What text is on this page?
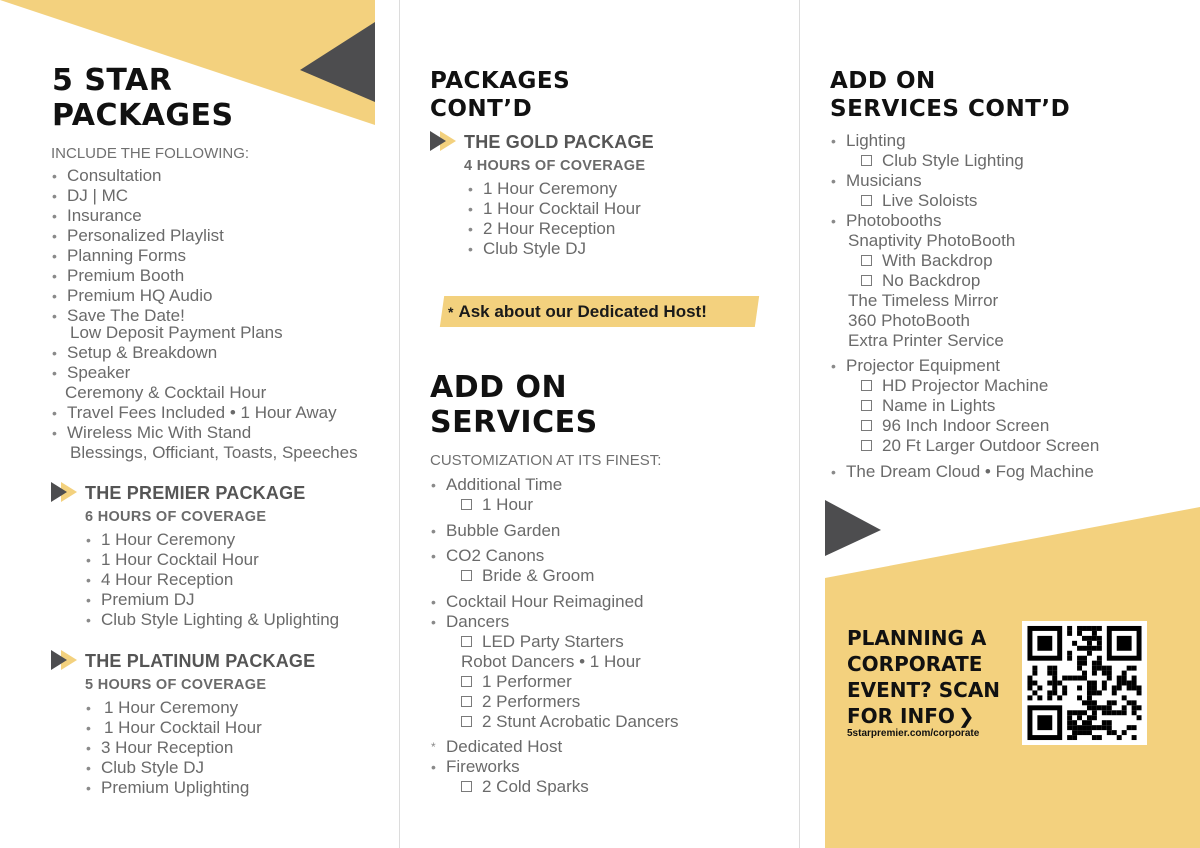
5 STAR
PACKAGES
INCLUDE THE FOLLOWING:
• Consultation
• DJ | MC
• Insurance
• Personalized Playlist
• Planning Forms
• Premium Booth
• Premium HQ Audio
• Save The Date!
Low Deposit Payment Plans
• Setup & Breakdown
• Speaker
Ceremony & Cocktail Hour
• Travel Fees Included • 1 Hour Away
• Wireless Mic With Stand
Blessings, Officiant, Toasts, Speeches
THE PREMIER PACKAGE
6 HOURS OF COVERAGE
• 1 Hour Ceremony
• 1 Hour Cocktail Hour
• 4 Hour Reception
• Premium DJ
• Club Style Lighting & Uplighting
THE PLATINUM PACKAGE
5 HOURS OF COVERAGE
• 1 Hour Ceremony
• 1 Hour Cocktail Hour
• 3 Hour Reception
• Club Style DJ
• Premium Uplighting
PACKAGES
CONT’D
THE GOLD PACKAGE
4 HOURS OF COVERAGE
• 1 Hour Ceremony
• 1 Hour Cocktail Hour
• 2 Hour Reception
• Club Style DJ
* Ask about our Dedicated Host!
ADD ON
SERVICES
CUSTOMIZATION AT ITS FINEST:
• Additional Time
1 Hour
• Bubble Garden
• CO2 Canons
Bride & Groom
• Cocktail Hour Reimagined
• Dancers
LED Party Starters
Robot Dancers • 1 Hour
1 Performer
2 Performers
2 Stunt Acrobatic Dancers
* Dedicated Host
• Fireworks
2 Cold Sparks
ADD ON
SERVICES CONT’D
• Lighting
Club Style Lighting
• Musicians
Live Soloists
• Photobooths
Snaptivity PhotoBooth
With Backdrop
No Backdrop
The Timeless Mirror
360 PhotoBooth
Extra Printer Service
• Projector Equipment
HD Projector Machine
Name in Lights
96 Inch Indoor Screen
20 Ft Larger Outdoor Screen
• The Dream Cloud • Fog Machine
PLANNING A
CORPORATE
EVENT? SCAN
FOR INFO ❯
5starpremier.com/corporate
